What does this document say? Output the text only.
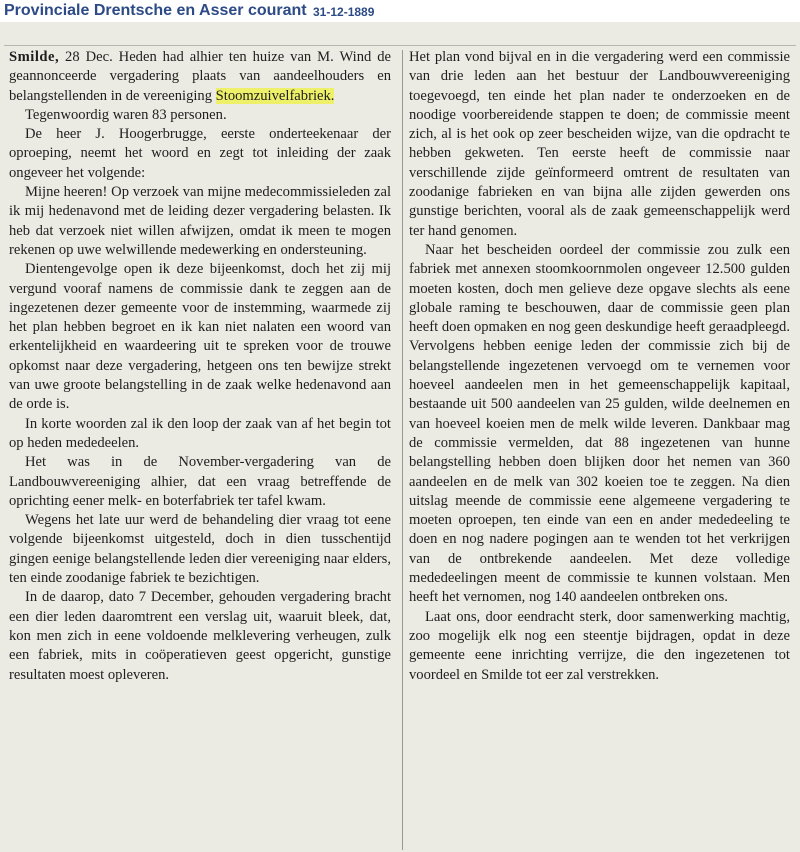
Provinciale Drentsche en Asser courant 31-12-1889

Smilde, 28 Dec. Heden had alhier ten huize van M. Wind de geannonceerde vergadering plaats van aandeelhouders en belangstellenden in de vereeniging Stoomzuivelfabriek.

Tegenwoordig waren 83 personen.

De heer J. Hoogerbrugge, eerste onderteekenaar der oproeping, neemt het woord en zegt tot inleiding der zaak ongeveer het volgende:

Mijne heeren! Op verzoek van mijne medecommissieleden zal ik mij hedenavond met de leiding dezer vergadering belasten. Ik heb dat verzoek niet willen afwijzen, omdat ik meen te mogen rekenen op uwe welwillende medewerking en ondersteuning.

Dientengevolge open ik deze bijeenkomst, doch het zij mij vergund vooraf namens de commissie dank te zeggen aan de ingezetenen dezer gemeente voor de instemming, waarmede zij het plan hebben begroet en ik kan niet nalaten een woord van erkentelijkheid en waardeering uit te spreken voor de trouwe opkomst naar deze vergadering, hetgeen ons ten bewijze strekt van uwe groote belangstelling in de zaak welke hedenavond aan de orde is.

In korte woorden zal ik den loop der zaak van af het begin tot op heden mededeelen.

Het was in de November-vergadering van de Landbouwvereeniging alhier, dat een vraag betreffende de oprichting eener melk- en boterfabriek ter tafel kwam.

Wegens het late uur werd de behandeling dier vraag tot eene volgende bijeenkomst uitgesteld, doch in dien tusschentijd gingen eenige belangstellende leden dier vereeniging naar elders, ten einde zoodanige fabriek te bezichtigen.

In de daarop, dato 7 December, gehouden vergadering bracht een dier leden daaromtrent een verslag uit, waaruit bleek, dat, kon men zich in eene voldoende melklevering verheugen, zulk een fabriek, mits in coöperatieven geest opgericht, gunstige resultaten moest opleveren.

Het plan vond bijval en in die vergadering werd een commissie van drie leden aan het bestuur der Landbouwvereeniging toegevoegd, ten einde het plan nader te onderzoeken en de noodige voorbereidende stappen te doen; de commissie meent zich, al is het ook op zeer bescheiden wijze, van die opdracht te hebben gekweten. Ten eerste heeft de commissie naar verschillende zijde geïnformeerd omtrent de resultaten van zoodanige fabrieken en van bijna alle zijden gewerden ons gunstige berichten, vooral als de zaak gemeenschappelijk werd ter hand genomen.

Naar het bescheiden oordeel der commissie zou zulk een fabriek met annexen stoomkoornmolen ongeveer 12.500 gulden moeten kosten, doch men gelieve deze opgave slechts als eene globale raming te beschouwen, daar de commissie geen plan heeft doen opmaken en nog geen deskundige heeft geraadpleegd. Vervolgens hebben eenige leden der commissie zich bij de belangstellende ingezetenen vervoegd om te vernemen voor hoeveel aandeelen men in het gemeenschappelijk kapitaal, bestaande uit 500 aandeelen van 25 gulden, wilde deelnemen en van hoeveel koeien men de melk wilde leveren. Dankbaar mag de commissie vermelden, dat 88 ingezetenen van hunne belangstelling hebben doen blijken door het nemen van 360 aandeelen en de melk van 302 koeien toe te zeggen. Na dien uitslag meende de commissie eene algemeene vergadering te moeten oproepen, ten einde van een en ander mededeeling te doen en nog nadere pogingen aan te wenden tot het verkrijgen van de ontbrekende aandeelen. Met deze volledige mededeelingen meent de commissie te kunnen volstaan. Men heeft het vernomen, nog 140 aandeelen ontbreken ons.

Laat ons, door eendracht sterk, door samenwerking machtig, zoo mogelijk elk nog een steentje bijdragen, opdat in deze gemeente eene inrichting verrijze, die den ingezetenen tot voordeel en Smilde tot eer zal verstrekken.
